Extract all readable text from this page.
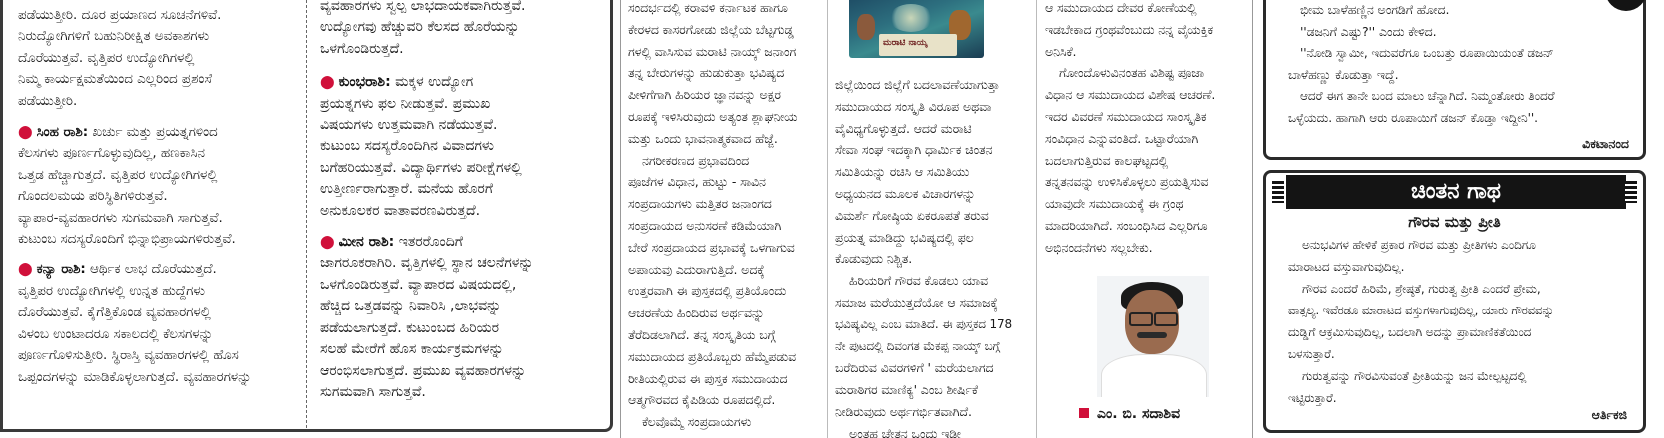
ಪಡೆಯುತ್ತೀರಿ. ದೂರ ಪ್ರಯಾಣದ ಸೂಚನೆಗಳಿವೆ.

ನಿರುದ್ಯೋಗಿಗಳಿಗೆ ಬಹುನಿರೀಕ್ಷಿತ ಅವಕಾಶಗಳು

ದೊರೆಯುತ್ತವೆ. ವೃತ್ತಿಪರ ಉದ್ಯೋಗಿಗಳಲ್ಲಿ

ನಿಮ್ಮ ಕಾರ್ಯಕ್ಷಮತೆಯಿಂದ ಎಲ್ಲರಿಂದ ಪ್ರಶಂಸೆ

ಪಡೆಯುತ್ತೀರಿ.

⬤ ಸಿಂಹ ರಾಶಿ: ಖರ್ಚು ಮತ್ತು ಪ್ರಯತ್ನಗಳಿಂದ

ಕೆಲಸಗಳು ಪೂರ್ಣಗೊಳ್ಳುವುದಿಲ್ಲ, ಹಣಕಾಸಿನ

ಒತ್ತಡ ಹೆಚ್ಚಾಗುತ್ತದೆ. ವೃತ್ತಿಪರ ಉದ್ಯೋಗಿಗಳಲ್ಲಿ

ಗೊಂದಲಮಯ ಪರಿಸ್ಥಿತಿಗಳಿರುತ್ತವೆ.

ವ್ಯಾಪಾರ-ವ್ಯವಹಾರಗಳು ಸುಗಮವಾಗಿ ಸಾಗುತ್ತವೆ.

ಕುಟುಂಬ ಸದಸ್ಯರೊಂದಿಗೆ ಭಿನ್ನಾಭಿಪ್ರಾಯಗಳಿರುತ್ತವೆ.

⬤ ಕನ್ಯಾ ರಾಶಿ: ಆರ್ಥಿಕ ಲಾಭ ದೊರೆಯುತ್ತದೆ.

ವೃತ್ತಿಪರ ಉದ್ಯೋಗಿಗಳಲ್ಲಿ ಉನ್ನತ ಹುದ್ದೆಗಳು

ದೊರೆಯುತ್ತವೆ. ಕೈಗೆತ್ತಿಕೊಂಡ ವ್ಯವಹಾರಗಳಲ್ಲಿ

ವಿಳಂಬ ಉಂಟಾದರೂ ಸಕಾಲದಲ್ಲಿ ಕೆಲಸಗಳನ್ನು

ಪೂರ್ಣಗೊಳಿಸುತ್ತೀರಿ. ಸ್ಥಿರಾಸ್ತಿ ವ್ಯವಹಾರಗಳಲ್ಲಿ ಹೊಸ

ಒಪ್ಪಂದಗಳನ್ನು ಮಾಡಿಕೊಳ್ಳಲಾಗುತ್ತದೆ. ವ್ಯವಹಾರಗಳನ್ನು

ವ್ಯವಹಾರಗಳು ಸ್ವಲ್ಪ ಲಾಭದಾಯಕವಾಗಿರುತ್ತವೆ.

ಉದ್ಯೋಗವು ಹೆಚ್ಚುವರಿ ಕೆಲಸದ ಹೊರೆಯನ್ನು

ಒಳಗೊಂಡಿರುತ್ತದೆ.

⬤ ಕುಂಭರಾಶಿ: ಮಕ್ಕಳ ಉದ್ಯೋಗ

ಪ್ರಯತ್ನಗಳು ಫಲ ನೀಡುತ್ತವೆ. ಪ್ರಮುಖ

ವಿಷಯಗಳು ಉತ್ತಮವಾಗಿ ನಡೆಯುತ್ತವೆ.

ಕುಟುಂಬ ಸದಸ್ಯರೊಂದಿಗಿನ ವಿವಾದಗಳು

ಬಗೆಹರಿಯುತ್ತವೆ. ವಿದ್ಯಾರ್ಥಿಗಳು ಪರೀಕ್ಷೆಗಳಲ್ಲಿ

ಉತ್ತೀರ್ಣರಾಗುತ್ತಾರೆ. ಮನೆಯ ಹೊರಗೆ

ಅನುಕೂಲಕರ ವಾತಾವರಣವಿರುತ್ತದೆ.

⬤ ಮೀನ ರಾಶಿ: ಇತರರೊಂದಿಗೆ

ಜಾಗರೂಕರಾಗಿರಿ. ವೃತ್ತಿಗಳಲ್ಲಿ ಸ್ಥಾನ ಚಲನೆಗಳನ್ನು

ಒಳಗೊಂಡಿರುತ್ತವೆ. ವ್ಯಾಪಾರದ ವಿಷಯದಲ್ಲಿ,

ಹೆಚ್ಚಿದ ಒತ್ತಡವನ್ನು ನಿವಾರಿಸಿ ,ಲಾಭವನ್ನು

ಪಡೆಯಲಾಗುತ್ತದೆ. ಕುಟುಂಬದ ಹಿರಿಯರ

ಸಲಹೆ ಮೇರೆಗೆ ಹೊಸ ಕಾರ್ಯಕ್ರಮಗಳನ್ನು

ಆರಂಭಿಸಲಾಗುತ್ತದೆ. ಪ್ರಮುಖ ವ್ಯವಹಾರಗಳನ್ನು

ಸುಗಮವಾಗಿ ಸಾಗುತ್ತವೆ.

ಸಂದರ್ಭದಲ್ಲಿ ಕರಾವಳಿ ಕರ್ನಾಟಕ ಹಾಗೂ

ಕೇರಳದ ಕಾಸರಗೋಡು ಜಿಲ್ಲೆಯ ಬೆಟ್ಟಗುಡ್ಡ

ಗಳಲ್ಲಿ ವಾಸಿಸುವ ಮರಾಟಿ ನಾಯ್ಕ್ ಜನಾಂಗ

ತನ್ನ ಬೇರುಗಳನ್ನು ಹುಡುಕುತ್ತಾ ಭವಿಷ್ಯದ

ಪೀಳಿಗೆಗಾಗಿ ಹಿರಿಯರ ಜ್ಞಾನವನ್ನು ಅಕ್ಷರ

ರೂಪಕ್ಕೆ ಇಳಿಸಿರುವುದು ಅತ್ಯಂತ ಶ್ಲಾಘನೀಯ

ಮತ್ತು ಒಂದು ಭಾವನಾತ್ಮಕವಾದ ಹೆಜ್ಜೆ.

ನಗರೀಕರಣದ ಪ್ರಭಾವದಿಂದ

ಪೂಜೆಗಳ ವಿಧಾನ, ಹುಟ್ಟು - ಸಾವಿನ

ಸಂಪ್ರದಾಯಗಳು ಮತ್ತಿತರ ಜನಾಂಗದ

ಸಂಪ್ರದಾಯದ ಅನುಸರಣೆ ಕಡಿಮೆಯಾಗಿ

ಬೇರೆ ಸಂಪ್ರದಾಯದ ಪ್ರಭಾವಕ್ಕೆ ಒಳಗಾಗುವ

ಅಪಾಯವು ಎದುರಾಗುತ್ತಿದೆ. ಅದಕ್ಕೆ

ಉತ್ತರವಾಗಿ ಈ ಪುಸ್ತಕದಲ್ಲಿ ಪ್ರತಿಯೊಂದು

ಆಚರಣೆಯ ಹಿಂದಿರುವ ಅರ್ಥವನ್ನು

ತೆರೆದಿಡಲಾಗಿದೆ. ತನ್ನ ಸಂಸ್ಕೃತಿಯ ಬಗ್ಗೆ

ಸಮುದಾಯದ ಪ್ರತಿಯೊಬ್ಬರು ಹೆಮ್ಮೆಪಡುವ

ರೀತಿಯಲ್ಲಿರುವ ಈ ಪುಸ್ತಕ ಸಮುದಾಯದ

ಆತ್ಮಗೌರವದ ಕೈಪಿಡಿಯ ರೂಪದಲ್ಲಿದೆ.

ಕೆಲವೊಮ್ಮೆ ಸಂಪ್ರದಾಯಗಳು

ಮರಾಟಿ ನಾಯ್ಕ

ಜಿಲ್ಲೆಯಿಂದ ಜಿಲ್ಲೆಗೆ ಬದಲಾವಣೆಯಾಗುತ್ತಾ

ಸಮುದಾಯದ ಸಂಸ್ಕೃತಿ ವಿರೂಪ ಅಥವಾ

ವೈವಿಧ್ಯಗೊಳ್ಳುತ್ತದೆ. ಆದರೆ ಮರಾಟಿ

ಸೇವಾ ಸಂಘ ಇದಕ್ಕಾಗಿ ಧಾರ್ಮಿಕ ಚಿಂತನ

ಸಮಿತಿಯನ್ನು ರಚಿಸಿ ಆ ಸಮಿತಿಯು

ಅಧ್ಯಯನದ ಮೂಲಕ ವಿಚಾರಗಳನ್ನು

ವಿಮರ್ಶೆ ಗೋಷ್ಠಿಯ ಏಕರೂಪತೆ ತರುವ

ಪ್ರಯತ್ನ ಮಾಡಿದ್ದು ಭವಿಷ್ಯದಲ್ಲಿ ಫಲ

ಕೊಡುವುದು ನಿಶ್ಚಿತ.

ಹಿರಿಯರಿಗೆ ಗೌರವ ಕೊಡಲು ಯಾವ

ಸಮಾಜ ಮರೆಯುತ್ತದೆಯೋ ಆ ಸಮಾಜಕ್ಕೆ

ಭವಿಷ್ಯವಿಲ್ಲ ಎಂಬ ಮಾತಿದೆ. ಈ ಪುಸ್ತಕದ 178

ನೇ ಪುಟದಲ್ಲಿ ದಿವಂಗತ ಮೆಕಪ್ಪ ನಾಯ್ಕ್ ಬಗ್ಗೆ

ಬರೆದಿರುವ ವಿವರಗಳಿಗೆ ' ಮರೆಯಲಾಗದ

ಮರಾಠಿಗರ ಮಾಣಿಕ್ಯ' ಎಂಬ ಶೀರ್ಷಿಕೆ

ನೀಡಿರುವುದು ಅರ್ಥಗರ್ಭಿತವಾಗಿದೆ.

ಅಂತಹ ಚೇತನ ಒಂದು ಇಡೀ

ಆ ಸಮುದಾಯದ ದೇವರ ಕೋಣೆಯಲ್ಲಿ

ಇಡಬೇಕಾದ ಗ್ರಂಥವೆಂಬುದು ನನ್ನ ವೈಯಕ್ತಿಕ

ಅನಿಸಿಕೆ.

ಗೋಂದೊಳುವಿನಂತಹ ವಿಶಿಷ್ಟ ಪೂಜಾ

ವಿಧಾನ ಆ ಸಮುದಾಯದ ವಿಶೇಷ ಆಚರಣೆ.

ಇದರ ವಿವರಣೆ ಸಮುದಾಯದ ಸಾಂಸ್ಕೃತಿಕ

ಸಂವಿಧಾನ ಎನ್ನುವಂತಿದೆ. ಒಟ್ಟಾರೆಯಾಗಿ

ಬದಲಾಗುತ್ತಿರುವ ಕಾಲಘಟ್ಟದಲ್ಲಿ

ತನ್ನತನವನ್ನು ಉಳಿಸಿಕೊಳ್ಳಲು ಪ್ರಯತ್ನಿಸುವ

ಯಾವುದೇ ಸಮುದಾಯಕ್ಕೆ ಈ ಗ್ರಂಥ

ಮಾದರಿಯಾಗಿದೆ. ಸಂಬಂಧಿಸಿದ ಎಲ್ಲರಿಗೂ

ಅಭಿನಂದನೆಗಳು ಸಲ್ಲಬೇಕು.

ಎಂ. ಬಿ. ಸದಾಶಿವ

ಭೀಮ ಬಾಳೆಹಣ್ಣಿನ ಅಂಗಡಿಗೆ ಹೋದ.

''ಡಜನಿಗೆ ಎಷ್ಟು?'' ಎಂದು ಕೇಳಿದ.

''ನೋಡಿ ಸ್ವಾಮೀ, ಇದುವರೆಗೂ ಒಂಬತ್ತು ರೂಪಾಯಿಯಂತೆ ಡಜನ್

ಬಾಳೆಹಣ್ಣು ಕೊಡುತ್ತಾ ಇದ್ದೆ.

ಆದರೆ ಈಗ ತಾನೇ ಬಂದ ಮಾಲು ಚೆನ್ನಾಗಿದೆ. ನಿಮ್ಮಂತೋರು ತಿಂದರೆ

ಒಳ್ಳೆಯದು. ಹಾಗಾಗಿ ಆರು ರೂಪಾಯಿಗೆ ಡಜನ್ ಕೊಡ್ತಾ ಇದ್ದೀನಿ''.

ವಿಕಟಾನಂದ
ಚಿಂತನ ಗಾಥ
ಗೌರವ ಮತ್ತು ಪ್ರೀತಿ

ಅನುಭವಿಗಳ ಹೇಳಿಕೆ ಪ್ರಕಾರ ಗೌರವ ಮತ್ತು ಪ್ರೀತಿಗಳು ಎಂದಿಗೂ

ಮಾರಾಟದ ವಸ್ತುವಾಗುವುದಿಲ್ಲ.

ಗೌರವ ಎಂದರೆ ಹಿರಿಮೆ, ಶ್ರೇಷ್ಠತೆ, ಗುರುತ್ವ ಪ್ರೀತಿ ಎಂದರೆ ಪ್ರೇಮ,

ವಾತ್ಸಲ್ಯ. ಇವೆರಡೂ ಮಾರಾಟದ ವಸ್ತುಗಳಾಗುವುದಿಲ್ಲ, ಯಾರು ಗೌರವವನ್ನು

ದುಡ್ಡಿಗೆ ಆಕ್ರಮಿಸುವುದಿಲ್ಲ, ಬದಲಾಗಿ ಅದನ್ನು ಪ್ರಾಮಾಣಿಕತೆಯಿಂದ

ಬಳಸುತ್ತಾರೆ.

ಗುರುತ್ವವನ್ನು ಗೌರವಿಸುವಂತೆ ಪ್ರೀತಿಯನ್ನು ಜನ ಮೇಲ್ಪಟ್ಟದಲ್ಲಿ

ಇಟ್ಟಿರುತ್ತಾರೆ.

ಆರ್ತಿಕಜಿ
